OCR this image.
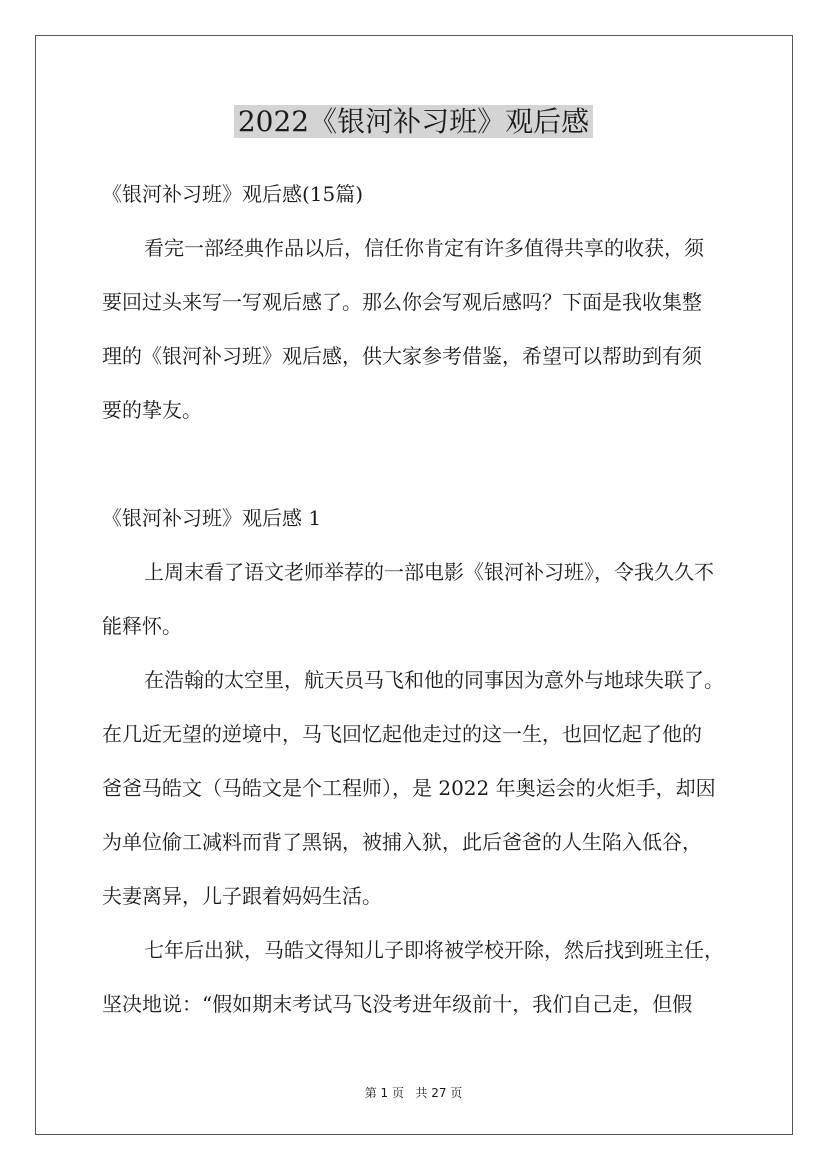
2022《银河补习班》观后感
《银河补习班》观后感(15篇)
看完一部经典作品以后，信任你肯定有许多值得共享的收获，须
要回过头来写一写观后感了。那么你会写观后感吗？下面是我收集整
理的《银河补习班》观后感，供大家参考借鉴，希望可以帮助到有须
要的挚友。
《银河补习班》观后感 1
上周末看了语文老师举荐的一部电影《银河补习班》，令我久久不
能释怀。
在浩翰的太空里，航天员马飞和他的同事因为意外与地球失联了。
在几近无望的逆境中，马飞回忆起他走过的这一生，也回忆起了他的
爸爸马皓文（马皓文是个工程师），是 2022 年奥运会的火炬手，却因
为单位偷工减料而背了黑锅，被捕入狱，此后爸爸的人生陷入低谷，
夫妻离异，儿子跟着妈妈生活。
七年后出狱，马皓文得知儿子即将被学校开除，然后找到班主任，
坚决地说：“假如期末考试马飞没考进年级前十，我们自己走，但假
第 1 页 共 27 页
